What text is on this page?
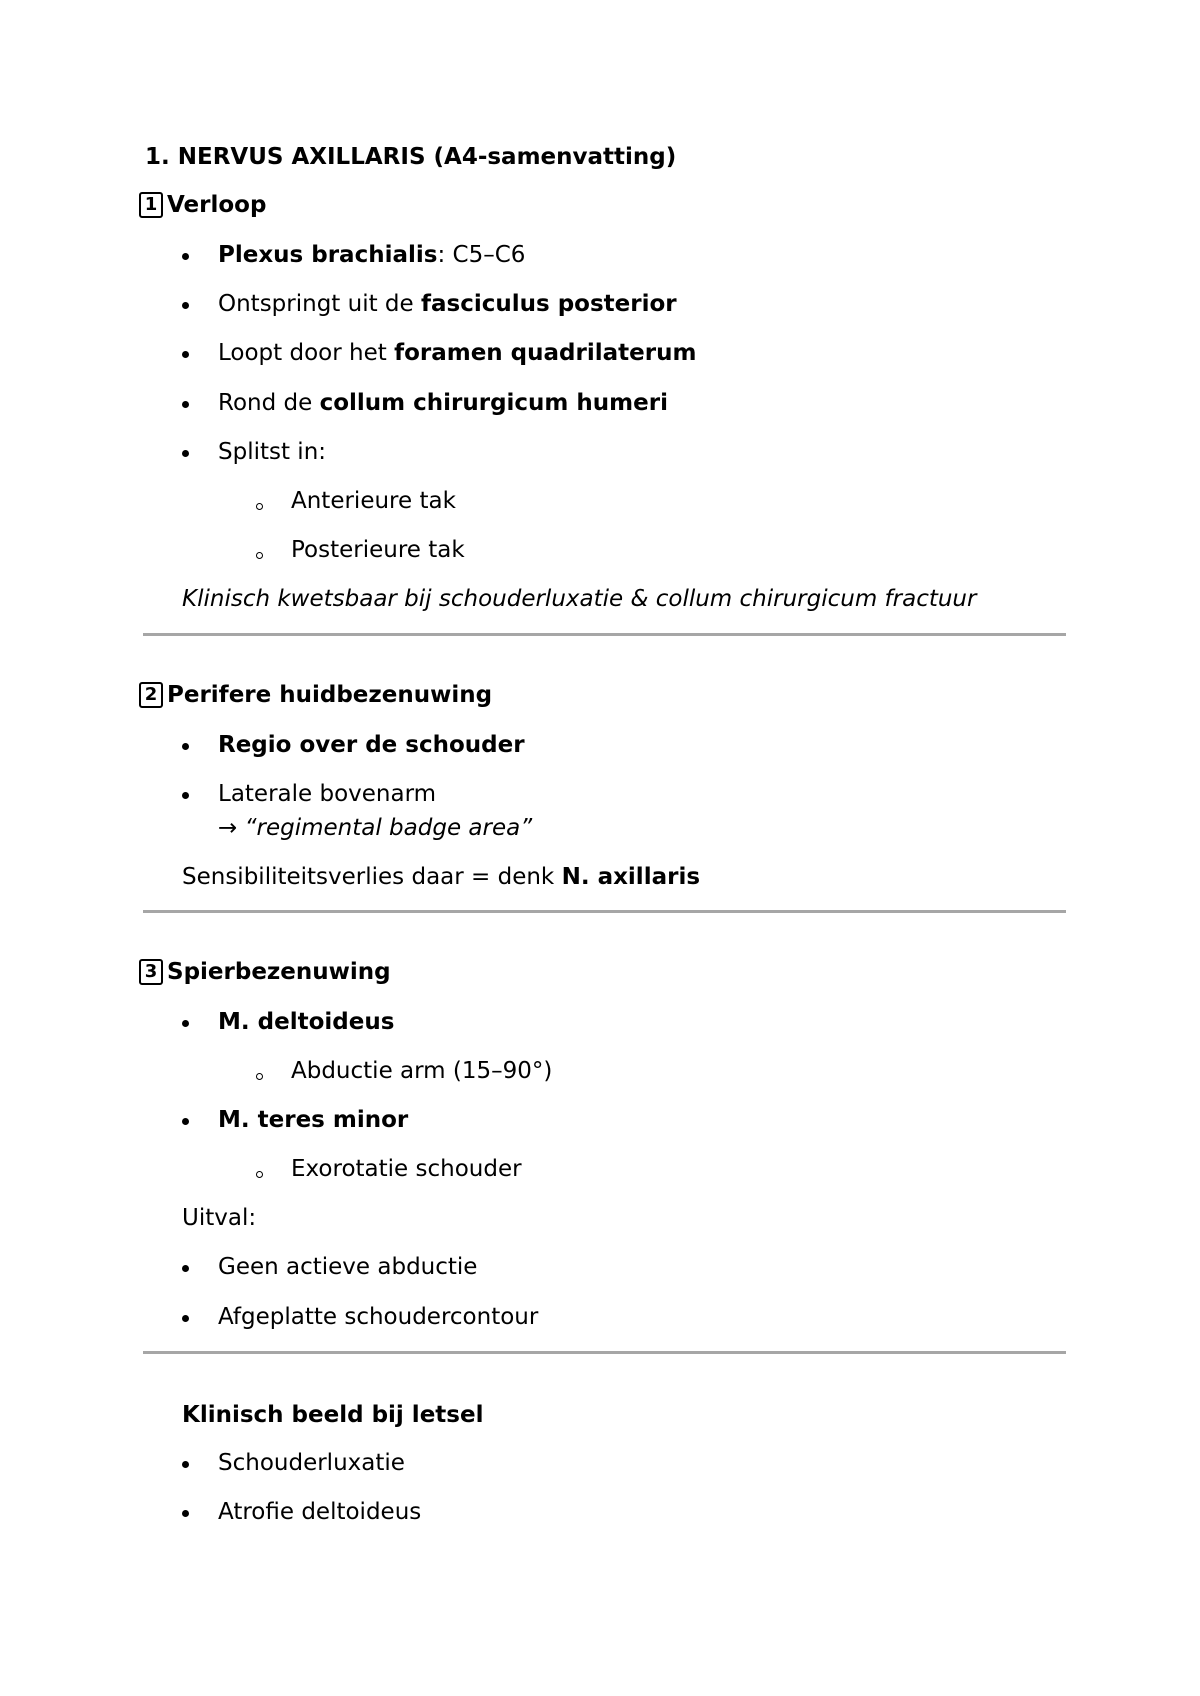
1. NERVUS AXILLARIS (A4-samenvatting)
1 Verloop
Plexus brachialis: C5–C6
Ontspringt uit de fasciculus posterior
Loopt door het foramen quadrilaterum
Rond de collum chirurgicum humeri
Splitst in:
Anterieure tak
Posterieure tak
Klinisch kwetsbaar bij schouderluxatie & collum chirurgicum fractuur
2 Perifere huidbezenuwing
Regio over de schouder
Laterale bovenarm
→ “regimental badge area”
Sensibiliteitsverlies daar = denk N. axillaris
3 Spierbezenuwing
M. deltoideus
Abductie arm (15–90°)
M. teres minor
Exorotatie schouder
Uitval:
Geen actieve abductie
Afgeplatte schoudercontour
Klinisch beeld bij letsel
Schouderluxatie
Atrofie deltoideus
